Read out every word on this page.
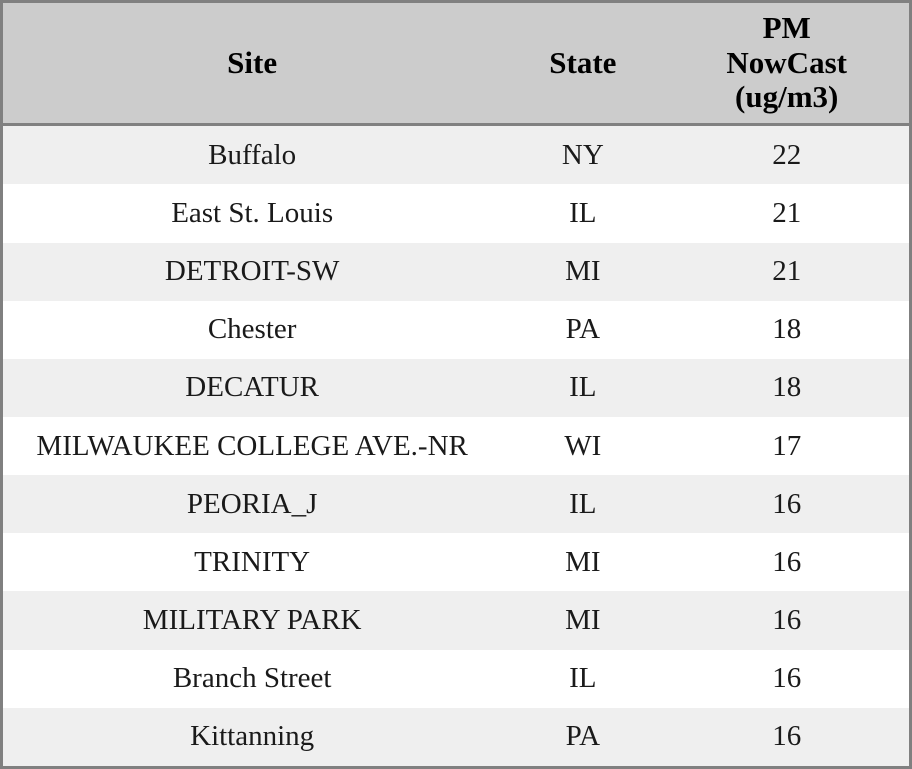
Site	State	PM
NowCast
(ug/m3)

Buffalo	NY	22
East St. Louis	IL	21
DETROIT-SW	MI	21
Chester	PA	18
DECATUR	IL	18
MILWAUKEE COLLEGE AVE.-NR	WI	17
PEORIA_J	IL	16
TRINITY	MI	16
MILITARY PARK	MI	16
Branch Street	IL	16
Kittanning	PA	16
